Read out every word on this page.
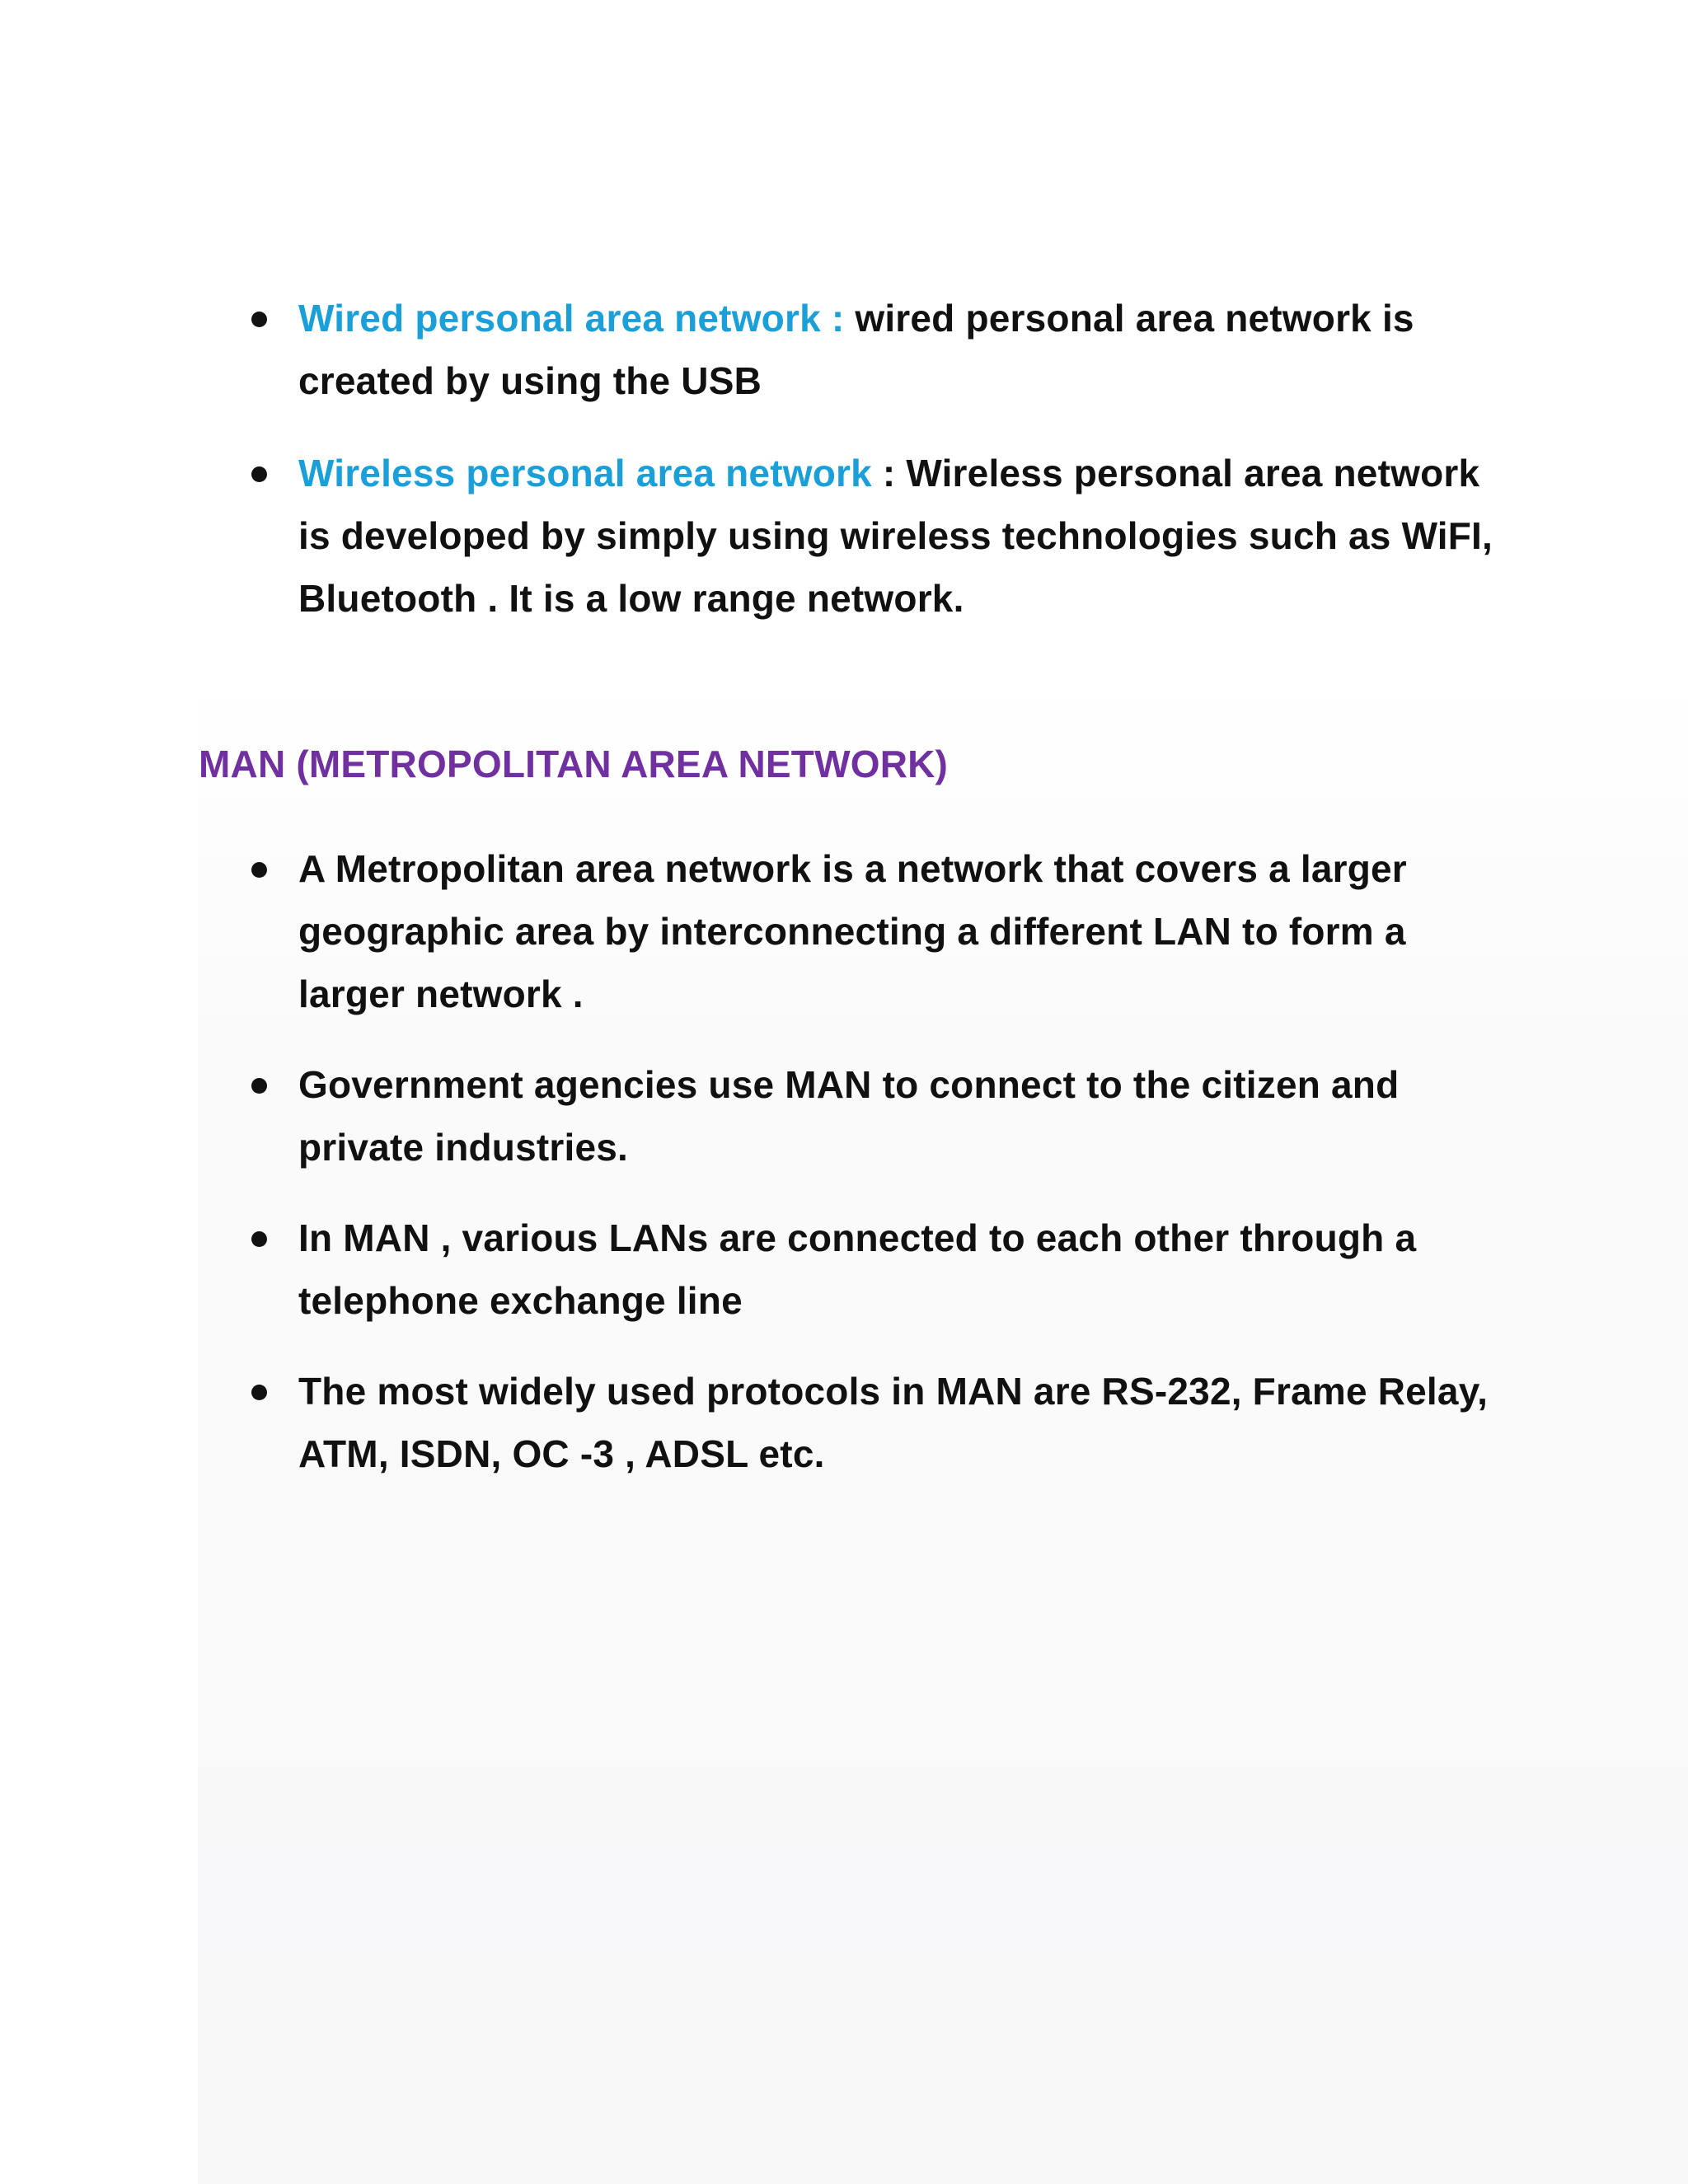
Wired personal area network : wired personal area network is created by using the USB
Wireless personal area network : Wireless personal area network is developed by simply using wireless technologies such as WiFI, Bluetooth . It is a low range network.
MAN (METROPOLITAN AREA NETWORK)
A Metropolitan area network is a network that covers a larger geographic area by interconnecting a different LAN to form a larger network .
Government agencies use MAN to connect to the citizen and private industries.
In MAN , various LANs are connected to each other through a telephone exchange line
The most widely used protocols in MAN are RS-232, Frame Relay, ATM, ISDN, OC -3 , ADSL etc.
